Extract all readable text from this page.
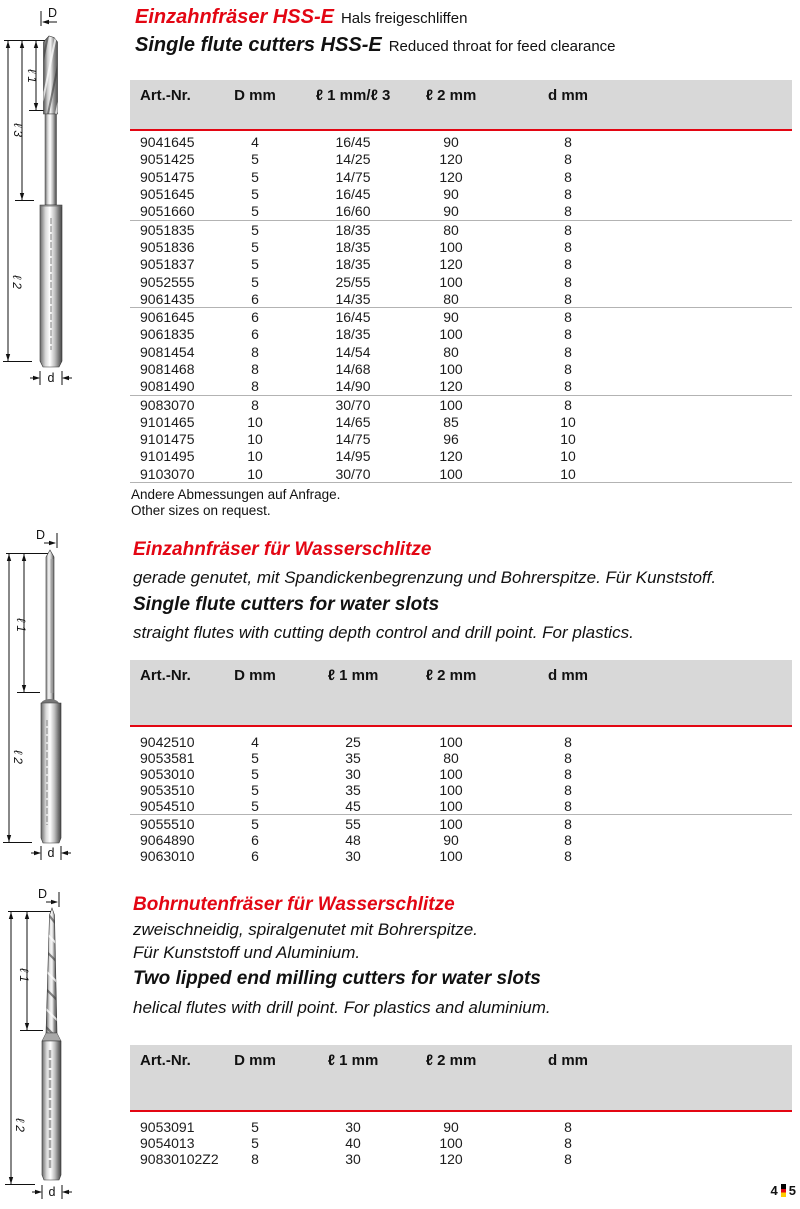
Einzahnfräser HSS-E Hals freigeschliffen
Single flute cutters HSS-E Reduced throat for feed clearance
D
ℓ 1
ℓ 3
ℓ 2
d
Art.-Nr.	D mm	ℓ 1 mm/ℓ 3	ℓ 2 mm	d mm
9041645	4	16/45	90	8
9051425	5	14/25	120	8
9051475	5	14/75	120	8
9051645	5	16/45	90	8
9051660	5	16/60	90	8
9051835	5	18/35	80	8
9051836	5	18/35	100	8
9051837	5	18/35	120	8
9052555	5	25/55	100	8
9061435	6	14/35	80	8
9061645	6	16/45	90	8
9061835	6	18/35	100	8
9081454	8	14/54	80	8
9081468	8	14/68	100	8
9081490	8	14/90	120	8
9083070	8	30/70	100	8
9101465	10	14/65	85	10
9101475	10	14/75	96	10
9101495	10	14/95	120	10
9103070	10	30/70	100	10
Andere Abmessungen auf Anfrage.
Other sizes on request.
Einzahnfräser für Wasserschlitze
gerade genutet, mit Spandickenbegrenzung und Bohrerspitze. Für Kunststoff.
Single flute cutters for water slots
straight flutes with cutting depth control and drill point. For plastics.
D
ℓ 1
ℓ 2
d
Art.-Nr.	D mm	ℓ 1 mm	ℓ 2 mm	d mm
9042510	4	25	100	8
9053581	5	35	80	8
9053010	5	30	100	8
9053510	5	35	100	8
9054510	5	45	100	8
9055510	5	55	100	8
9064890	6	48	90	8
9063010	6	30	100	8
Bohrnutenfräser für Wasserschlitze
zweischneidig, spiralgenutet mit Bohrerspitze.
Für Kunststoff und Aluminium.
Two lipped end milling cutters for water slots
helical flutes with drill point. For plastics and aluminium.
D
ℓ 1
ℓ 2
d
Art.-Nr.	D mm	ℓ 1 mm	ℓ 2 mm	d mm
9053091	5	30	90	8
9054013	5	40	100	8
90830102Z2	8	30	120	8
4 5
